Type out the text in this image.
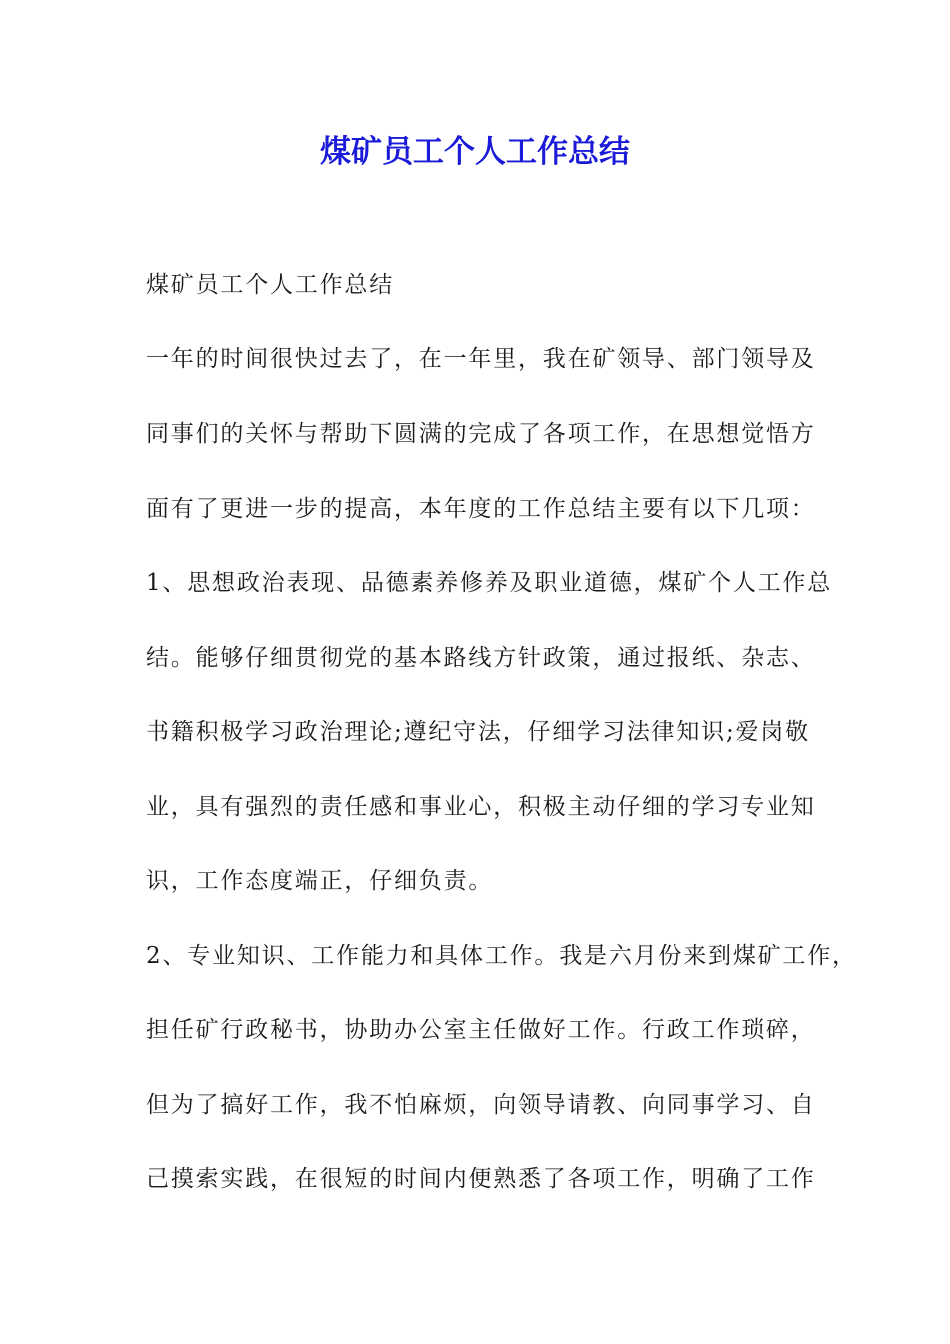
煤矿员工个人工作总结
煤矿员工个人工作总结
一年的时间很快过去了，在一年里，我在矿领导、部门领导及
同事们的关怀与帮助下圆满的完成了各项工作，在思想觉悟方
面有了更进一步的提高，本年度的工作总结主要有以下几项：
1、思想政治表现、品德素养修养及职业道德，煤矿个人工作总
结。能够仔细贯彻党的基本路线方针政策，通过报纸、杂志、
书籍积极学习政治理论;遵纪守法，仔细学习法律知识;爱岗敬
业，具有强烈的责任感和事业心，积极主动仔细的学习专业知
识，工作态度端正，仔细负责。
2、专业知识、工作能力和具体工作。我是六月份来到煤矿工作，
担任矿行政秘书，协助办公室主任做好工作。行政工作琐碎，
但为了搞好工作，我不怕麻烦，向领导请教、向同事学习、自
己摸索实践，在很短的时间内便熟悉了各项工作，明确了工作
